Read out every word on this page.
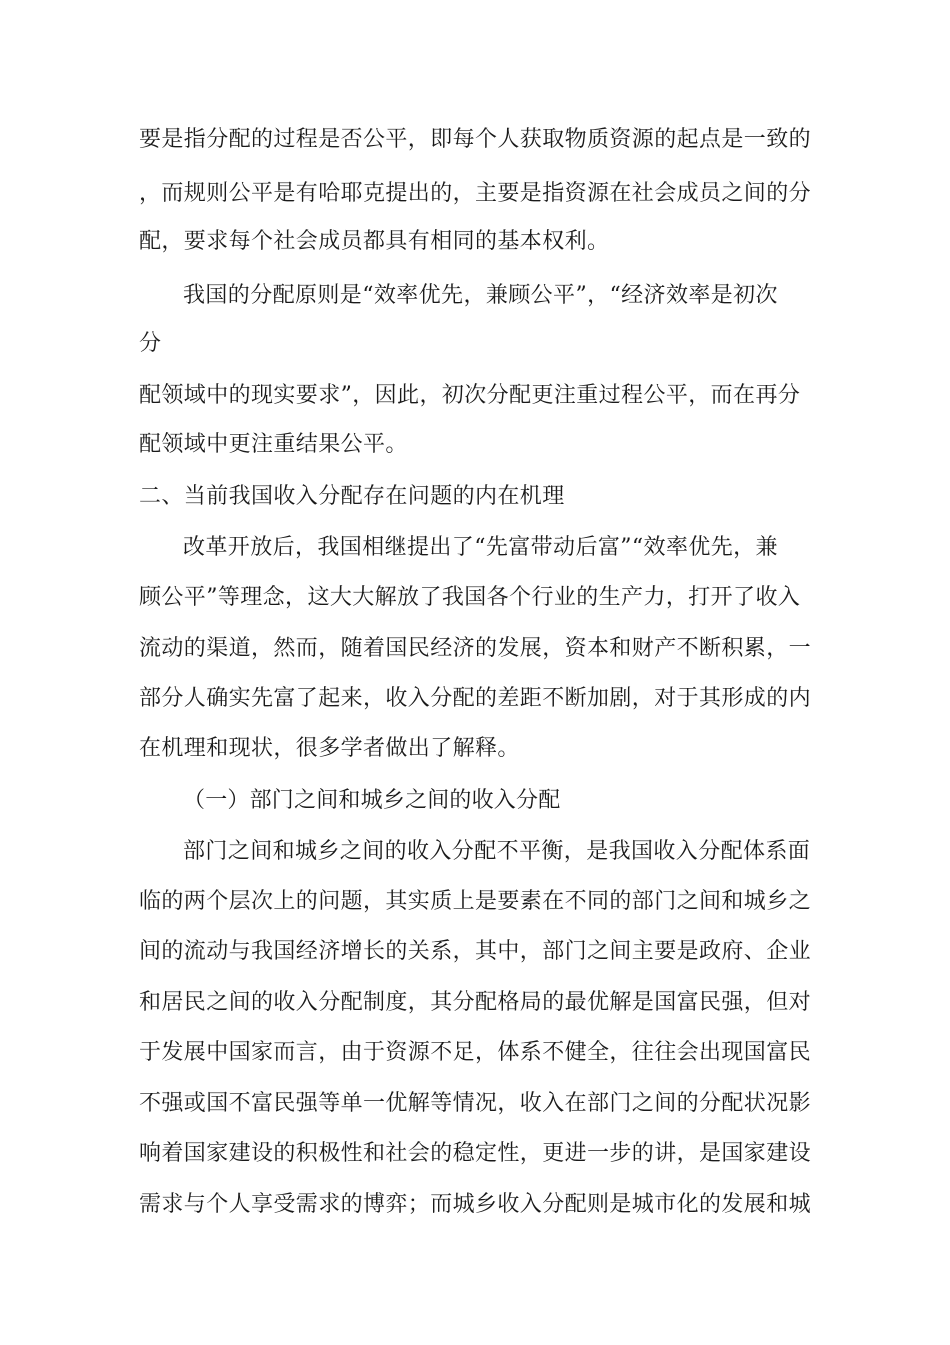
要是指分配的过程是否公平，即每个人获取物质资源的起点是一致的
，而规则公平是有哈耶克提出的，主要是指资源在社会成员之间的分
配，要求每个社会成员都具有相同的基本权利。
我国的分配原则是“效率优先，兼顾公平”，“经济效率是初次
分
配领域中的现实要求”，因此，初次分配更注重过程公平，而在再分
配领域中更注重结果公平。
二、当前我国收入分配存在问题的内在机理
改革开放后，我国相继提出了“先富带动后富”“效率优先，兼
顾公平”等理念，这大大解放了我国各个行业的生产力，打开了收入
流动的渠道，然而，随着国民经济的发展，资本和财产不断积累，一
部分人确实先富了起来，收入分配的差距不断加剧，对于其形成的内
在机理和现状，很多学者做出了解释。
（一）部门之间和城乡之间的收入分配
部门之间和城乡之间的收入分配不平衡，是我国收入分配体系面
临的两个层次上的问题，其实质上是要素在不同的部门之间和城乡之
间的流动与我国经济增长的关系，其中，部门之间主要是政府、企业
和居民之间的收入分配制度，其分配格局的最优解是国富民强，但对
于发展中国家而言，由于资源不足，体系不健全，往往会出现国富民
不强或国不富民强等单一优解等情况，收入在部门之间的分配状况影
响着国家建设的积极性和社会的稳定性，更进一步的讲，是国家建设
需求与个人享受需求的博弈；而城乡收入分配则是城市化的发展和城
